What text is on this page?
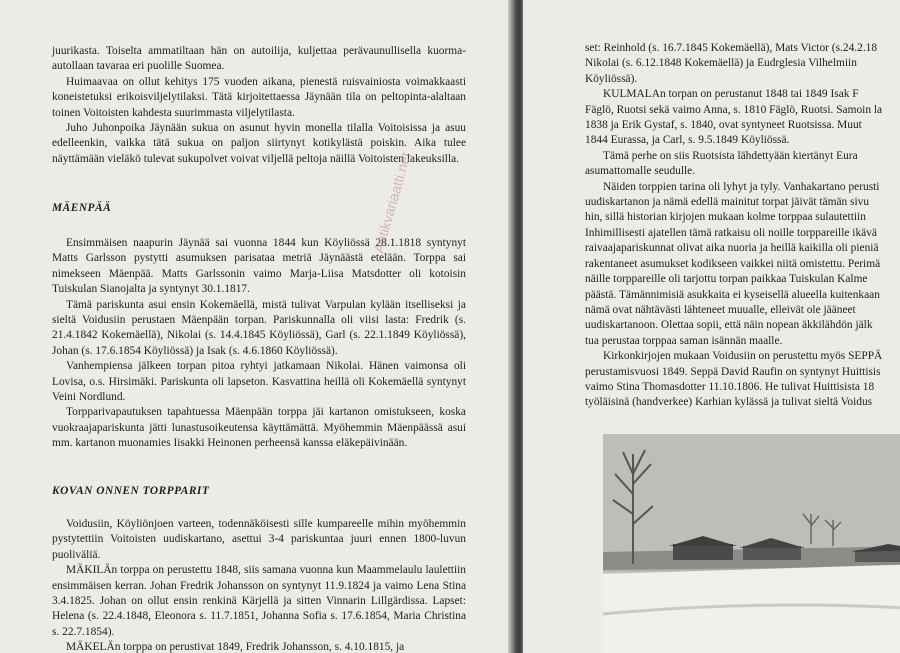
juurikasta. Toiselta ammatiltaan hän on autoilija, kuljettaa perävaunullisella kuorma-autollaan tavaraa eri puolille Suomea.

Huimaavaa on ollut kehitys 175 vuoden aikana, pienestä ruisvainiosta voimakkaasti koneistetuksi erikoisviljelytilaksi. Tätä kirjoitettaessa Jäynään tila on peltopinta-alaltaan toinen Voitoisten kahdesta suurimmasta viljelytilasta.

Juho Juhonpoika Jäynään sukua on asunut hyvin monella tilalla Voitoisissa ja asuu edelleenkin, vaikka tätä sukua on paljon siirtynyt kotikylästä poiskin. Aika tulee näyttämään vieläkö tulevat sukupolvet voivat viljellä peltoja näillä Voitoisten lakeuksilla.

MÄENPÄÄ

Ensimmäisen naapurin Jäynää sai vuonna 1844 kun Köyliössä 28.1.1818 syntynyt Matts Garlsson pystytti asumuksen parisataa metriä Jäynäästä etelään. Torppa sai nimekseen Mäenpää. Matts Garlssonin vaimo Marja-Liisa Matsdotter oli kotoisin Tuiskulan Sianojalta ja syntynyt 30.1.1817.

Tämä pariskunta asui ensin Kokemäellä, mistä tulivat Varpulan kylään itselliseksi ja sieltä Voidusiin perustaen Mäenpään torpan. Pariskunnalla oli viisi lasta: Fredrik (s. 21.4.1842 Kokemäellä), Nikolai (s. 14.4.1845 Köyliössä), Garl (s. 22.1.1849 Köyliössä), Johan (s. 17.6.1854 Köyliössä) ja Isak (s. 4.6.1860 Köyliössä).

Vanhempiensa jälkeen torpan pitoa ryhtyi jatkamaan Nikolai. Hänen vaimonsa oli Lovisa, o.s. Hirsimäki. Pariskunta oli lapseton. Kasvattina heillä oli Kokemäellä syntynyt Veini Nordlund.

Torpparivapautuksen tapahtuessa Mäenpään torppa jäi kartanon omistukseen, koska vuokraajapariskunta jätti lunastusoikeutensa käyttämättä. Myöhemmin Mäenpäässä asui mm. kartanon muonamies Iisakki Heinonen perheensä kanssa eläkepäivinään.

KOVAN ONNEN TORPPARIT

Voidusiin, Köyliönjoen varteen, todennäköisesti sille kumpareelle mihin myöhemmin pystytettiin Voitoisten uudiskartano, asettui 3-4 pariskuntaa juuri ennen 1800-luvun puoliväliä.

MÄKILÄn torppa on perustettu 1848, siis samana vuonna kun Maammelaulu laulettiin ensimmäisen kerran. Johan Fredrik Johansson on syntynyt 11.9.1824 ja vaimo Lena Stina 3.4.1825. Johan on ollut ensin renkinä Kärjellä ja sitten Vinnarin Lillgärdissa. Lapset: Helena (s. 22.4.1848, Eleonora s. 11.7.1851, Johanna Sofia s. 17.6.1854, Maria Christina s. 22.7.1854).

MÄKELÄn torppa on perustivat 1849, Fredrik Johansson, s. 4.10.1815, ja

Antikvariaatti.net

set: Reinhold (s. 16.7.1845 Kokemäellä), Mats Victor (s.24.2.18

Nikolai (s. 6.12.1848 Kokemäellä) ja Eudrglesia Vilhelmiin

Köyliössä).

KULMALAn torpan on perustanut 1848 tai 1849 Isak F

Fäglö, Ruotsi sekä vaimo Anna, s. 1810 Fäglö, Ruotsi. Samoin la

1838 ja Erik Gystaf, s. 1840, ovat syntyneet Ruotsissa. Muut

1844 Eurassa, ja Carl, s. 9.5.1849 Köyliössä.

Tämä perhe on siis Ruotsista lähdettyään kiertänyt Eura

asumattomalle seudulle.

Näiden torppien tarina oli lyhyt ja tyly. Vanhakartano perusti

uudiskartanon ja nämä edellä mainitut torpat jäivät tämän sivu

hin, sillä historian kirjojen mukaan kolme torppaa sulautettiin

Inhimillisesti ajatellen tämä ratkaisu oli noille torppareille ikävä

raivaajapariskunnat olivat aika nuoria ja heillä kaikilla oli pieniä

rakentaneet asumukset kodikseen vaikkei niitä omistettu. Perimä

näille torppareille oli tarjottu torpan paikkaa Tuiskulan Kalme

päästä. Tämännimisiä asukkaita ei kyseisellä alueella kuitenkaan

nämä ovat nähtävästi lähteneet muualle, elleivät ole jääneet

uudiskartanoon. Olettaa sopii, että näin nopean äkkilähdön jälk

tua perustaa torppaa saman isännän maalle.

Kirkonkirjojen mukaan Voidusiin on perustettu myös SEPPÄ

perustamisvuosi 1849. Seppä David Raufin on syntynyt Huittisis

vaimo Stina Thomasdotter 11.10.1806. He tulivat Huittisista 18

työläisinä (handverkee) Karhian kylässä ja tulivat sieltä Voidus
